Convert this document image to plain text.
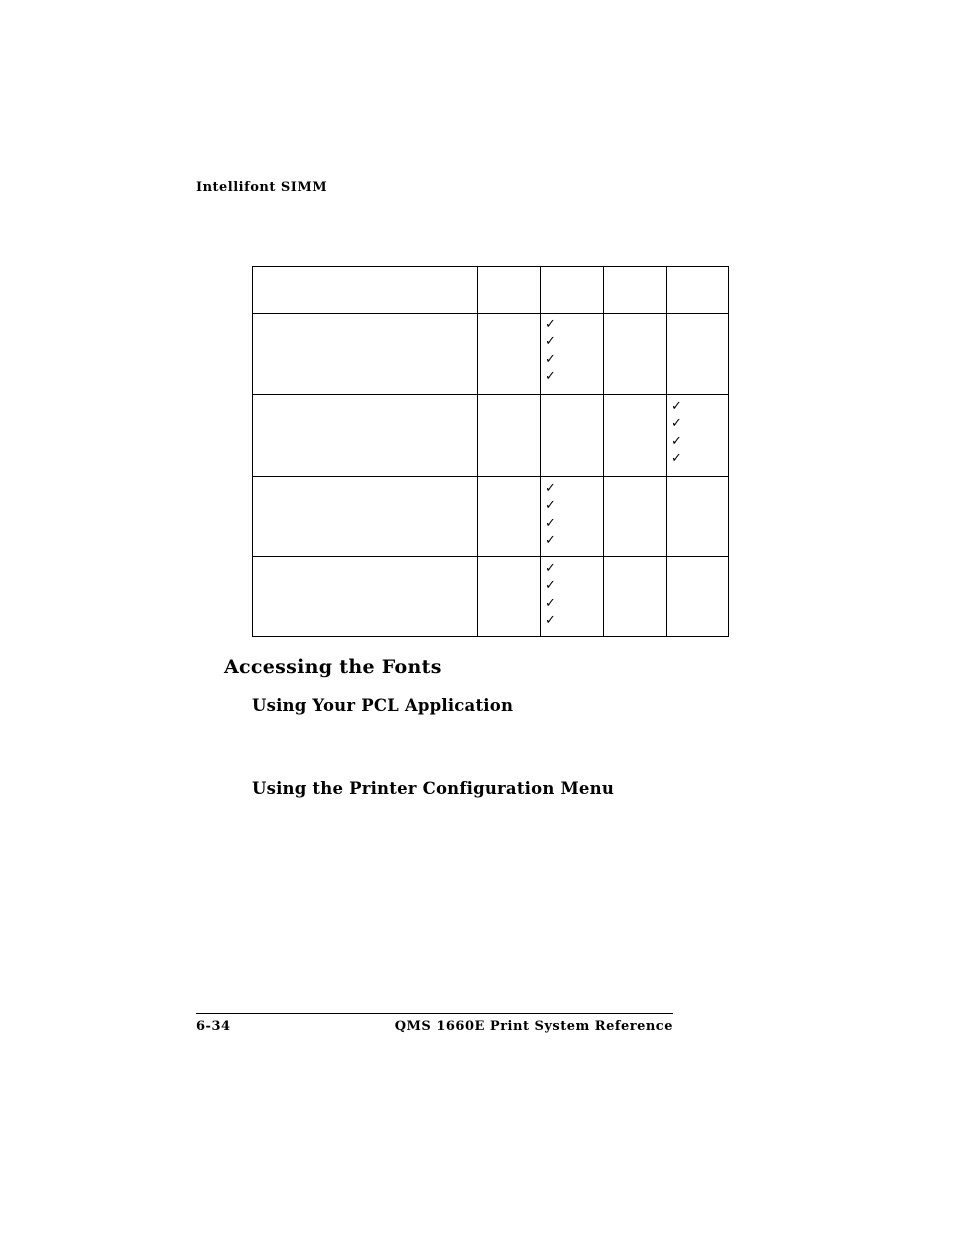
Intellifont SIMM
✓
✓
✓
✓
✓
✓
✓
✓
✓
✓
✓
✓
✓
✓
✓
✓
Accessing the Fonts
Using Your PCL Application
Using the Printer Configuration Menu
6-34	QMS 1660E Print System Reference
